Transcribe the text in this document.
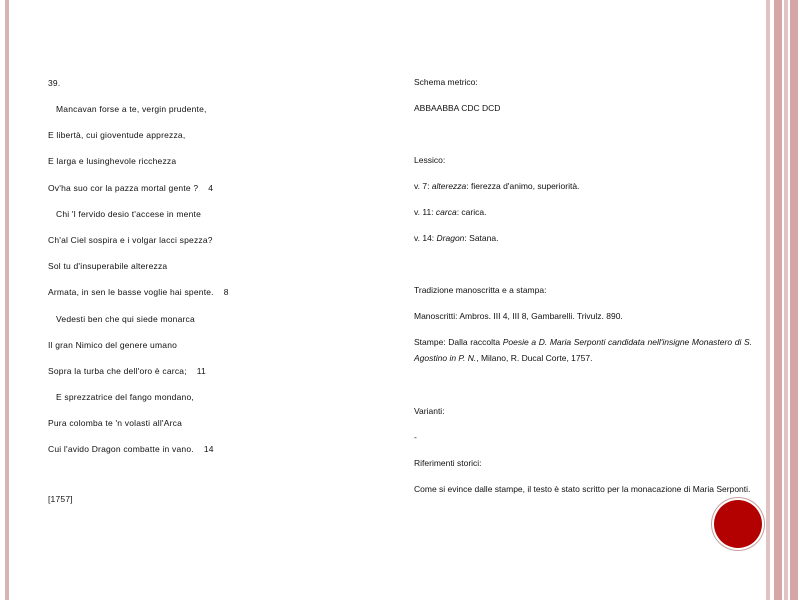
39.
Mancavan forse a te, vergin prudente,
E libertà, cui gioventude apprezza,
E larga e lusinghevole ricchezza
Ov'ha suo cor la pazza mortal gente ? 4
Chi 'l fervido desio t'accese in mente
Ch'al Ciel sospira e i volgar lacci spezza?
Sol tu d'insuperabile alterezza
Armata, in sen le basse voglie hai spente. 8
Vedesti ben che qui siede monarca
Il gran Nimico del genere umano
Sopra la turba che dell'oro è carca; 11
E sprezzatrice del fango mondano,
Pura colomba te 'n volasti all'Arca
Cui l'avido Dragon combatte in vano. 14
[1757]
Schema metrico:
ABBAABBA CDC DCD
Lessico:
v. 7: alterezza: fierezza d'animo, superiorità.
v. 11: carca: carica.
v. 14: Dragon: Satana.
Tradizione manoscritta e a stampa:
Manoscritti: Ambros. III 4, III 8, Gambarelli. Trivulz. 890.
Stampe: Dalla raccolta Poesie a D. Maria Serponti candidata nell'insigne Monastero di S. Agostino in P. N., Milano, R. Ducal Corte, 1757.
Varianti:
-
Riferimenti storici:
Come si evince dalle stampe, il testo è stato scritto per la monacazione di Maria Serponti.
